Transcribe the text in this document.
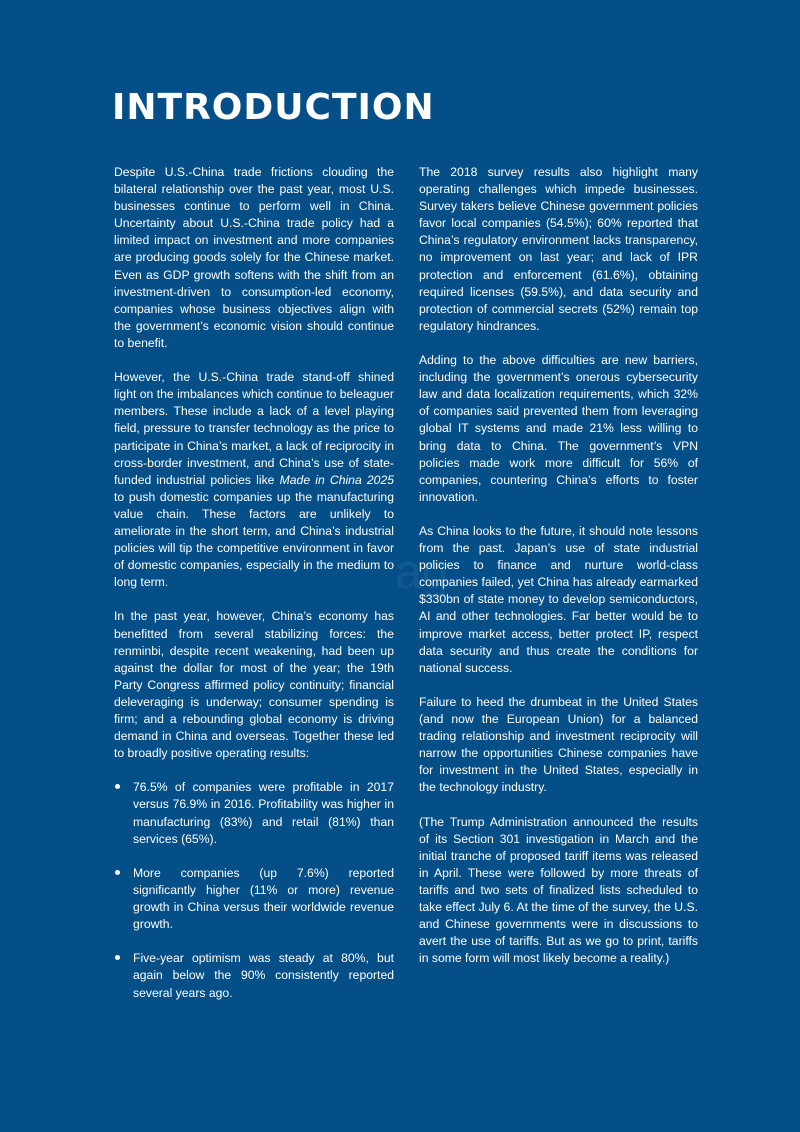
INTRODUCTION
ag

Despite U.S.-China trade frictions clouding the bilateral relationship over the past year, most U.S. businesses continue to perform well in China. Uncertainty about U.S.-China trade policy had a limited impact on investment and more companies are producing goods solely for the Chinese market. Even as GDP growth softens with the shift from an investment-driven to consumption-led economy, companies whose business objectives align with the government’s economic vision should continue to benefit.

However, the U.S.-China trade stand-off shined light on the imbalances which continue to beleaguer members. These include a lack of a level playing field, pressure to transfer technology as the price to participate in China’s market, a lack of reciprocity in cross-border investment, and China’s use of state-funded industrial policies like Made in China 2025 to push domestic companies up the manufacturing value chain. These factors are unlikely to ameliorate in the short term, and China’s industrial policies will tip the competitive environment in favor of domestic companies, especially in the medium to long term.

In the past year, however, China’s economy has benefitted from several stabilizing forces: the renminbi, despite recent weakening, had been up against the dollar for most of the year; the 19th Party Congress affirmed policy continuity; financial deleveraging is underway; consumer spending is firm; and a rebounding global economy is driving demand in China and overseas. Together these led to broadly positive operating results:

76.5% of companies were profitable in 2017 versus 76.9% in 2016. Profitability was higher in manufacturing (83%) and retail (81%) than services (65%).
More companies (up 7.6%) reported significantly higher (11% or more) revenue growth in China versus their worldwide revenue growth.
Five-year optimism was steady at 80%, but again below the 90% consistently reported several years ago.

The 2018 survey results also highlight many operating challenges which impede businesses. Survey takers believe Chinese government policies favor local companies (54.5%); 60% reported that China’s regulatory environment lacks transparency, no improvement on last year; and lack of IPR protection and enforcement (61.6%), obtaining required licenses (59.5%), and data security and protection of commercial secrets (52%) remain top regulatory hindrances.

Adding to the above difficulties are new barriers, including the government’s onerous cybersecurity law and data localization requirements, which 32% of companies said prevented them from leveraging global IT systems and made 21% less willing to bring data to China. The government’s VPN policies made work more difficult for 56% of companies, countering China’s efforts to foster innovation.

As China looks to the future, it should note lessons from the past. Japan’s use of state industrial policies to finance and nurture world-class companies failed, yet China has already earmarked $330bn of state money to develop semiconductors, AI and other technologies. Far better would be to improve market access, better protect IP, respect data security and thus create the conditions for national success.

Failure to heed the drumbeat in the United States (and now the European Union) for a balanced trading relationship and investment reciprocity will narrow the opportunities Chinese companies have for investment in the United States, especially in the technology industry.

(The Trump Administration announced the results of its Section 301 investigation in March and the initial tranche of proposed tariff items was released in April. These were followed by more threats of tariffs and two sets of finalized lists scheduled to take effect July 6. At the time of the survey, the U.S. and Chinese governments were in discussions to avert the use of tariffs. But as we go to print, tariffs in some form will most likely become a reality.)
